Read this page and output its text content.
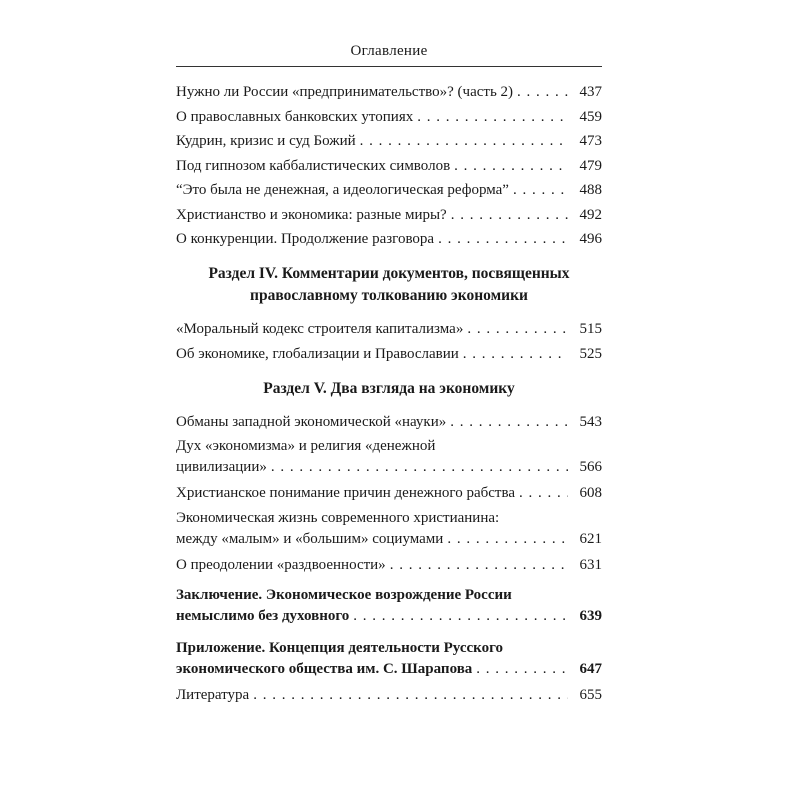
Оглавление
Нужно ли России «предпринимательство»? (часть 2) . . .	437
О православных банковских утопиях . . .	459
Кудрин, кризис и суд Божий . . .	473
Под гипнозом каббалистических символов . . .	479
“Это была не денежная, а идеологическая реформа” . . .	488
Христианство и экономика: разные миры? . . .	492
О конкуренции. Продолжение разговора . . .	496
Раздел IV. Комментарии документов, посвященных
православному толкованию экономики
«Моральный кодекс строителя капитализма» . . .	515
Об экономике, глобализации и Православии . . .	525
Раздел V. Два взгляда на экономику
Обманы западной экономической «науки» . . .	543
Дух «экономизма» и религия «денежной
цивилизации» . . .	566
Христианское понимание причин денежного рабства . . .	608
Экономическая жизнь современного христианина:
между «малым» и «большим» социумами . . .	621
О преодолении «раздвоенности» . . .	631
Заключение. Экономическое возрождение России
немыслимо без духовного . . .	639
Приложение. Концепция деятельности Русского
экономического общества им. С. Шарапова . . .	647
Литература . . .	655
